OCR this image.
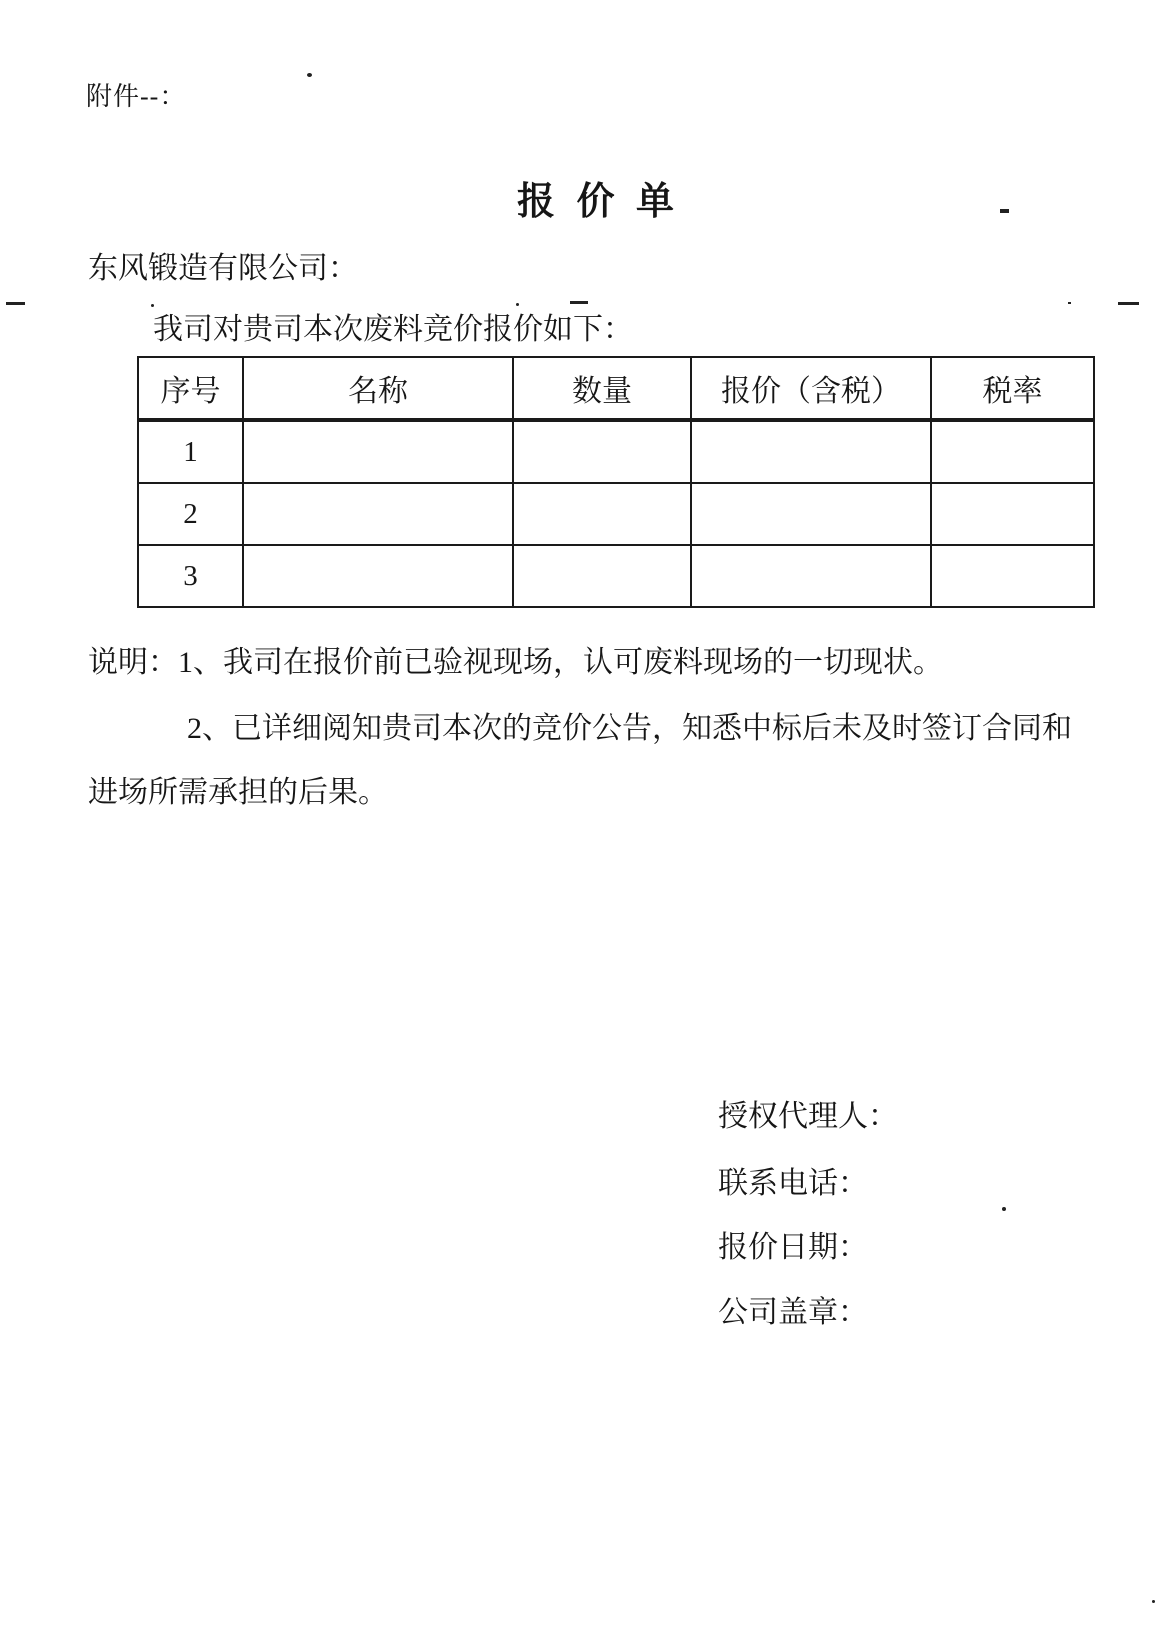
附件--：
报 价 单
东风锻造有限公司：
我司对贵司本次废料竞价报价如下：
序号	名称	数量	报价（含税）	税率
1				
2				
3				
说明：1、我司在报价前已验视现场，认可废料现场的一切现状。
2、已详细阅知贵司本次的竞价公告，知悉中标后未及时签订合同和
进场所需承担的后果。
授权代理人：
联系电话：
报价日期：
公司盖章：
